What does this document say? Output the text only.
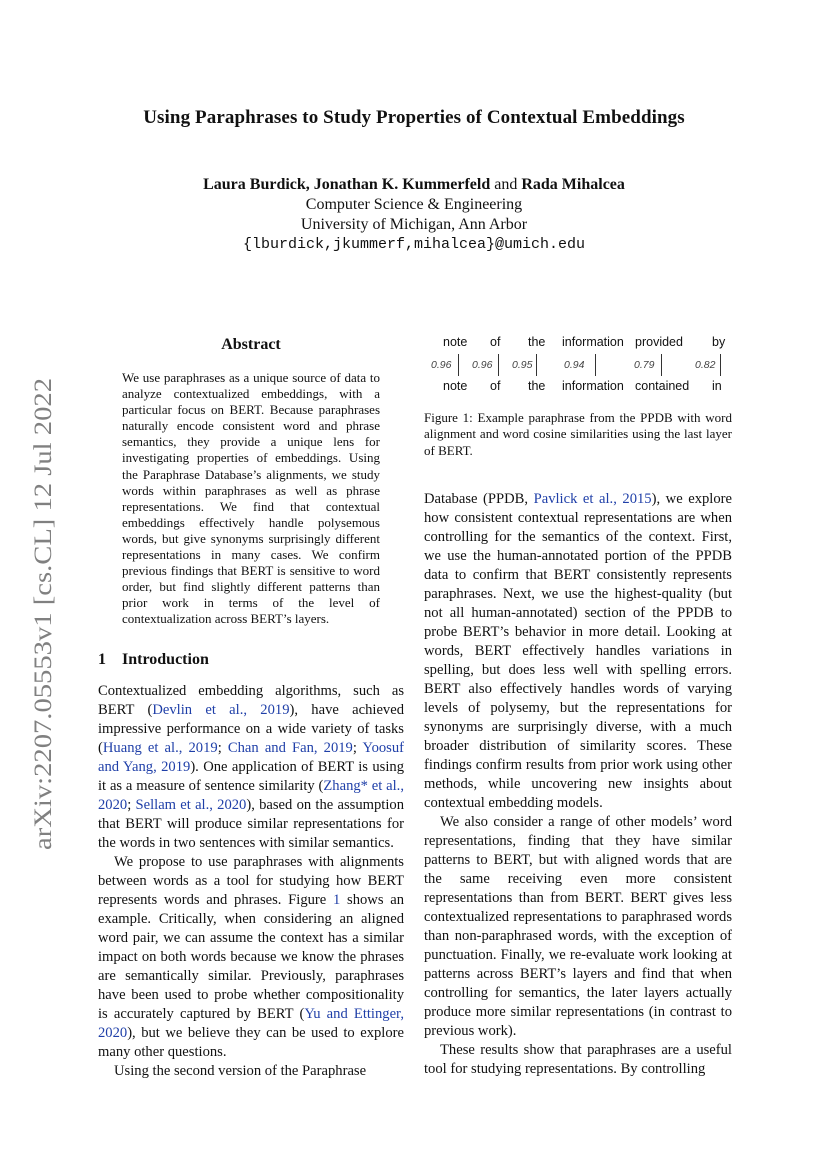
Using Paraphrases to Study Properties of Contextual Embeddings
Laura Burdick, Jonathan K. Kummerfeld and Rada Mihalcea
Computer Science & Engineering
University of Michigan, Ann Arbor
{lburdick,jkummerf,mihalcea}@umich.edu
arXiv:2207.05553v1 [cs.CL] 12 Jul 2022
Abstract
We use paraphrases as a unique source of data to analyze contextualized embeddings, with a particular focus on BERT. Because paraphrases naturally encode consistent word and phrase semantics, they provide a unique lens for investigating properties of embeddings. Using the Paraphrase Database’s alignments, we study words within paraphrases as well as phrase representations. We find that contextual embeddings effectively handle polysemous words, but give synonyms surprisingly different representations in many cases. We confirm previous findings that BERT is sensitive to word order, but find slightly different patterns than prior work in terms of the level of contextualization across BERT’s layers.
1 Introduction

Contextualized embedding algorithms, such as BERT (Devlin et al., 2019), have achieved impressive performance on a wide variety of tasks (Huang et al., 2019; Chan and Fan, 2019; Yoosuf and Yang, 2019). One application of BERT is using it as a measure of sentence similarity (Zhang* et al., 2020; Sellam et al., 2020), based on the assumption that BERT will produce similar representations for the words in two sentences with similar semantics.

We propose to use paraphrases with alignments between words as a tool for studying how BERT represents words and phrases. Figure 1 shows an example. Critically, when considering an aligned word pair, we can assume the context has a similar impact on both words because we know the phrases are semantically similar. Previously, paraphrases have been used to probe whether compositionality is accurately captured by BERT (Yu and Ettinger, 2020), but we believe they can be used to explore many other questions.

Using the second version of the Paraphrase

note of the information provided by
0.96 0.96 0.95	0.94	0.79	0.82
note of the information contained in
Figure 1: Example paraphrase from the PPDB with word alignment and word cosine similarities using the last layer of BERT.

Database (PPDB, Pavlick et al., 2015), we explore how consistent contextual representations are when controlling for the semantics of the context. First, we use the human-annotated portion of the PPDB data to confirm that BERT consistently represents paraphrases. Next, we use the highest-quality (but not all human-annotated) section of the PPDB to probe BERT’s behavior in more detail. Looking at words, BERT effectively handles variations in spelling, but does less well with spelling errors. BERT also effectively handles words of varying levels of polysemy, but the representations for synonyms are surprisingly diverse, with a much broader distribution of similarity scores. These findings confirm results from prior work using other methods, while uncovering new insights about contextual embedding models.

We also consider a range of other models’ word representations, finding that they have similar patterns to BERT, but with aligned words that are the same receiving even more consistent representations than from BERT. BERT gives less contextualized representations to paraphrased words than non-paraphrased words, with the exception of punctuation. Finally, we re-evaluate work looking at patterns across BERT’s layers and find that when controlling for semantics, the later layers actually produce more similar representations (in contrast to previous work).

These results show that paraphrases are a useful tool for studying representations. By controlling
